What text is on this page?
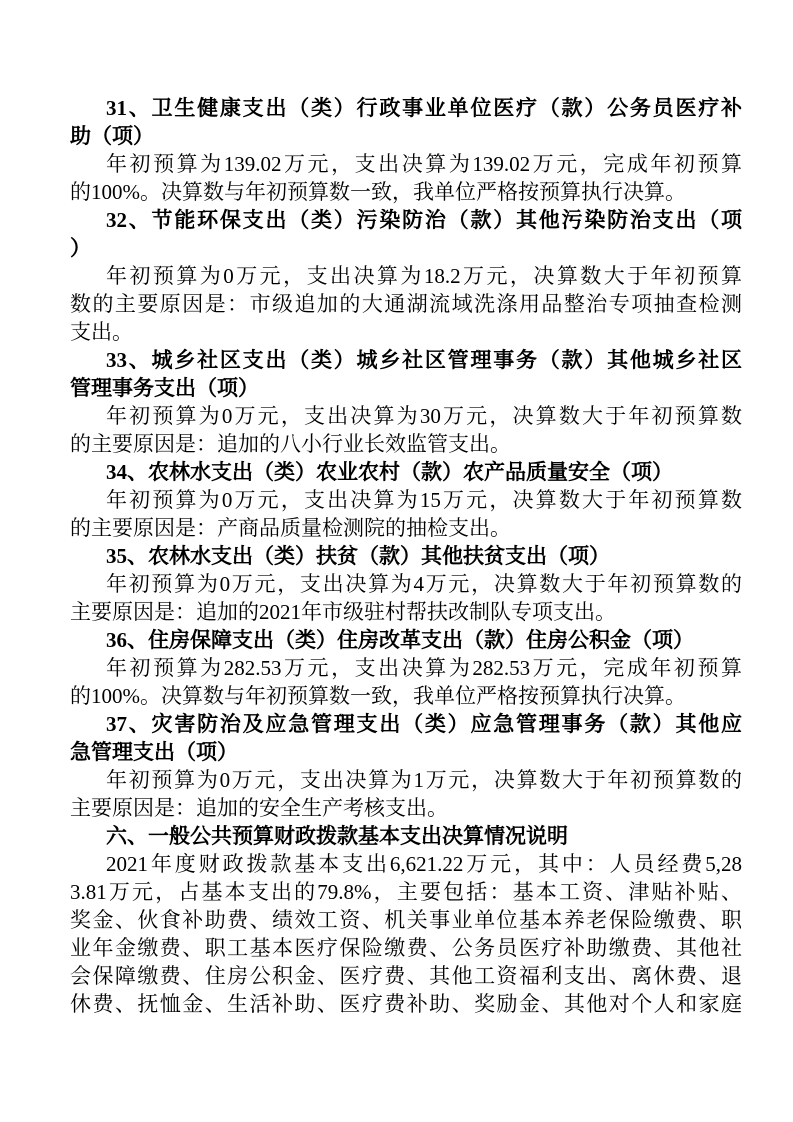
31、卫生健康支出（类）行政事业单位医疗（款）公务员医疗补
助（项）
年初预算为139.02万元，支出决算为139.02万元，完成年初预算
的100%。决算数与年初预算数一致，我单位严格按预算执行决算。
32、节能环保支出（类）污染防治（款）其他污染防治支出（项
）
年初预算为0万元，支出决算为18.2万元，决算数大于年初预算
数的主要原因是：市级追加的大通湖流域洗涤用品整治专项抽查检测
支出。
33、城乡社区支出（类）城乡社区管理事务（款）其他城乡社区
管理事务支出（项）
年初预算为0万元，支出决算为30万元，决算数大于年初预算数
的主要原因是：追加的八小行业长效监管支出。
34、农林水支出（类）农业农村（款）农产品质量安全（项）
年初预算为0万元，支出决算为15万元，决算数大于年初预算数
的主要原因是：产商品质量检测院的抽检支出。
35、农林水支出（类）扶贫（款）其他扶贫支出（项）
年初预算为0万元，支出决算为4万元，决算数大于年初预算数的
主要原因是：追加的2021年市级驻村帮扶改制队专项支出。
36、住房保障支出（类）住房改革支出（款）住房公积金（项）
年初预算为282.53万元，支出决算为282.53万元，完成年初预算
的100%。决算数与年初预算数一致，我单位严格按预算执行决算。
37、灾害防治及应急管理支出（类）应急管理事务（款）其他应
急管理支出（项）
年初预算为0万元，支出决算为1万元，决算数大于年初预算数的
主要原因是：追加的安全生产考核支出。
六、一般公共预算财政拨款基本支出决算情况说明
2021年度财政拨款基本支出6,621.22万元，其中：人员经费5,28
3.81万元，占基本支出的79.8%，主要包括：基本工资、津贴补贴、
奖金、伙食补助费、绩效工资、机关事业单位基本养老保险缴费、职
业年金缴费、职工基本医疗保险缴费、公务员医疗补助缴费、其他社
会保障缴费、住房公积金、医疗费、其他工资福利支出、离休费、退
休费、抚恤金、生活补助、医疗费补助、奖励金、其他对个人和家庭
